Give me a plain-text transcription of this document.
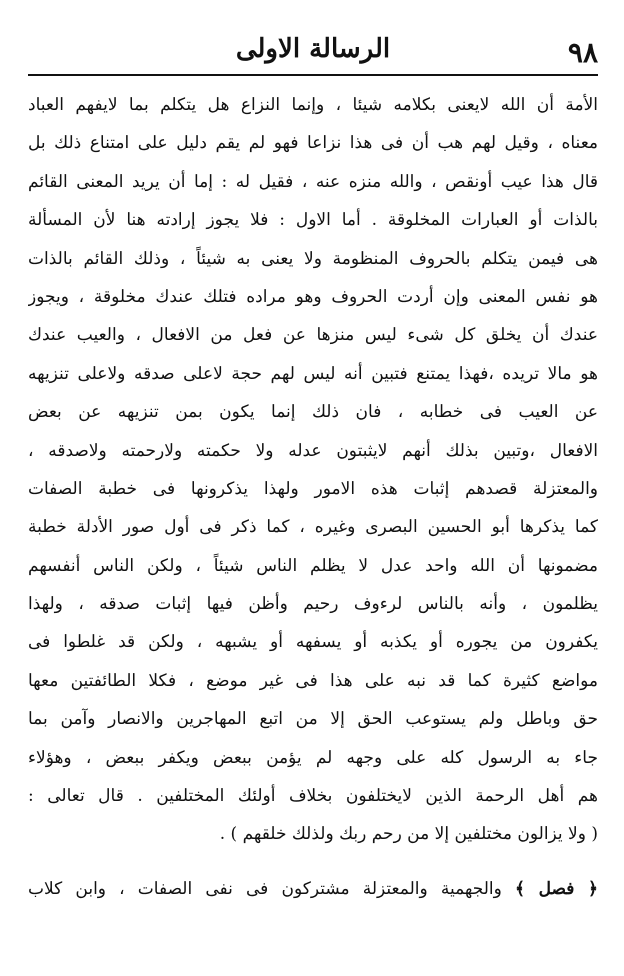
٩٨
الرسالة الاولى
الأمة أن الله لايعنى بكلامه شيئا ، وإنما النزاع هل يتكلم بما لايفهم العباد
معناه ، وقيل لهم هب أن فى هذا نزاعا فهو لم يقم دليل على امتناع ذلك بل
قال هذا عيب أونقص ، والله منزه عنه ، فقيل له : إما أن يريد المعنى القائم
بالذات أو العبارات المخلوقة . أما الاول : فلا يجوز إرادته هنا لأن المسألة
هى فيمن يتكلم بالحروف المنظومة ولا يعنى به شيئاً ، وذلك القائم بالذات
هو نفس المعنى وإن أردت الحروف وهو مراده فتلك عندك مخلوقة ، ويجوز
عندك أن يخلق كل شىء ليس منزها عن فعل من الافعال ، والعيب عندك
هو مالا تريده ،فهذا يمتنع فتبين أنه ليس لهم حجة لاعلى صدقه ولاعلى تنزيهه
عن العيب فى خطابه ، فان ذلك إنما يكون بمن تنزيهه عن بعض
الافعال ،وتبين بذلك أنهم لايثبتون عدله ولا حكمته ولارحمته ولاصدقه ،
والمعتزلة قصدهم إثبات هذه الامور ولهذا يذكرونها فى خطبة الصفات
كما يذكرها أبو الحسين البصرى وغيره ، كما ذكر فى أول صور الأدلة خطبة
مضمونها أن الله واحد عدل لا يظلم الناس شيئاً ، ولكن الناس أنفسهم
يظلمون ، وأنه بالناس لرءوف رحيم وأظن فيها إثبات صدقه ، ولهذا
يكفرون من يجوره أو يكذبه أو يسفهه أو يشبهه ، ولكن قد غلطوا فى
مواضع كثيرة كما قد نبه على هذا فى غير موضع ، فكلا الطائفتين معها
حق وباطل ولم يستوعب الحق إلا من اتبع المهاجرين والانصار وآمن بما
جاء به الرسول كله على وجهه لم يؤمن ببعض ويكفر ببعض ، وهؤلاء
هم أهل الرحمة الذين لايختلفون بخلاف أولئك المختلفين . قال تعالى :
( ولا يزالون مختلفين إلا من رحم ربك ولذلك خلقهم ) .
﴿ فصل ﴾ والجهمية والمعتزلة مشتركون فى نفى الصفات ، وابن كلاب
